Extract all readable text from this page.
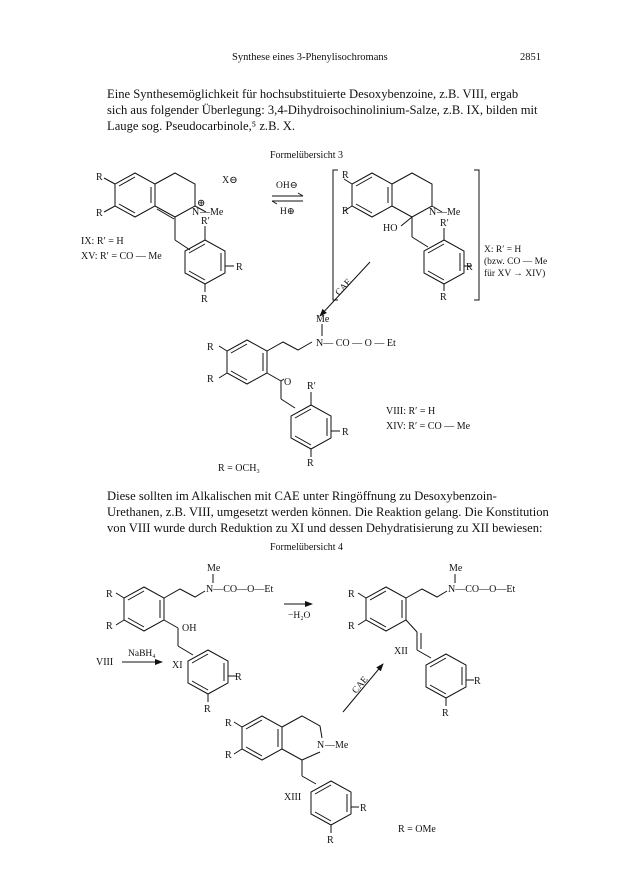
Synthese eines 3-Phenylisochromans	2851

Eine Synthesemöglichkeit für hochsubstituierte Desoxybenzoine, z.B. VIII, ergab
sich aus folgender Überlegung: 3,4-Dihydroisochinolinium-Salze, z.B. IX, bilden mit
Lauge sog. Pseudocarbinole,⁵ z.B. X.

Formelübersicht 3

Diese sollten im Alkalischen mit CAE unter Ringöffnung zu Desoxybenzoin-
Urethanen, z.B. VIII, umgesetzt werden können. Die Reaktion gelang. Die Konstitution
von VIII wurde durch Reduktion zu XI und dessen Dehydratisierung zu XII bewiesen:

Formelübersicht 4
R
R
X⊖
⊕
N —Me
R′
R
R
IX: R′ = H
XV: R′ = CO — Me
OH⊖
H⊕
R
R	N —Me
HO	R′
R
R
X: R′ = H
(bzw. CO — Me
für XV → XIV)
CAE
Me
N— CO — O — Et
O
R
R
R′
R
R
VIII: R′ = H
XIV: R′ = CO — Me
R = OCH₃
Me
N—CO—O—Et
OH
R
R
R
R
XI
VIII
NaBH₄
−H₂O
Me
N—CO—O—Et
R
R
XII
R
R
CAE
R
R
N —Me
XIII
R
R
R = OMe
